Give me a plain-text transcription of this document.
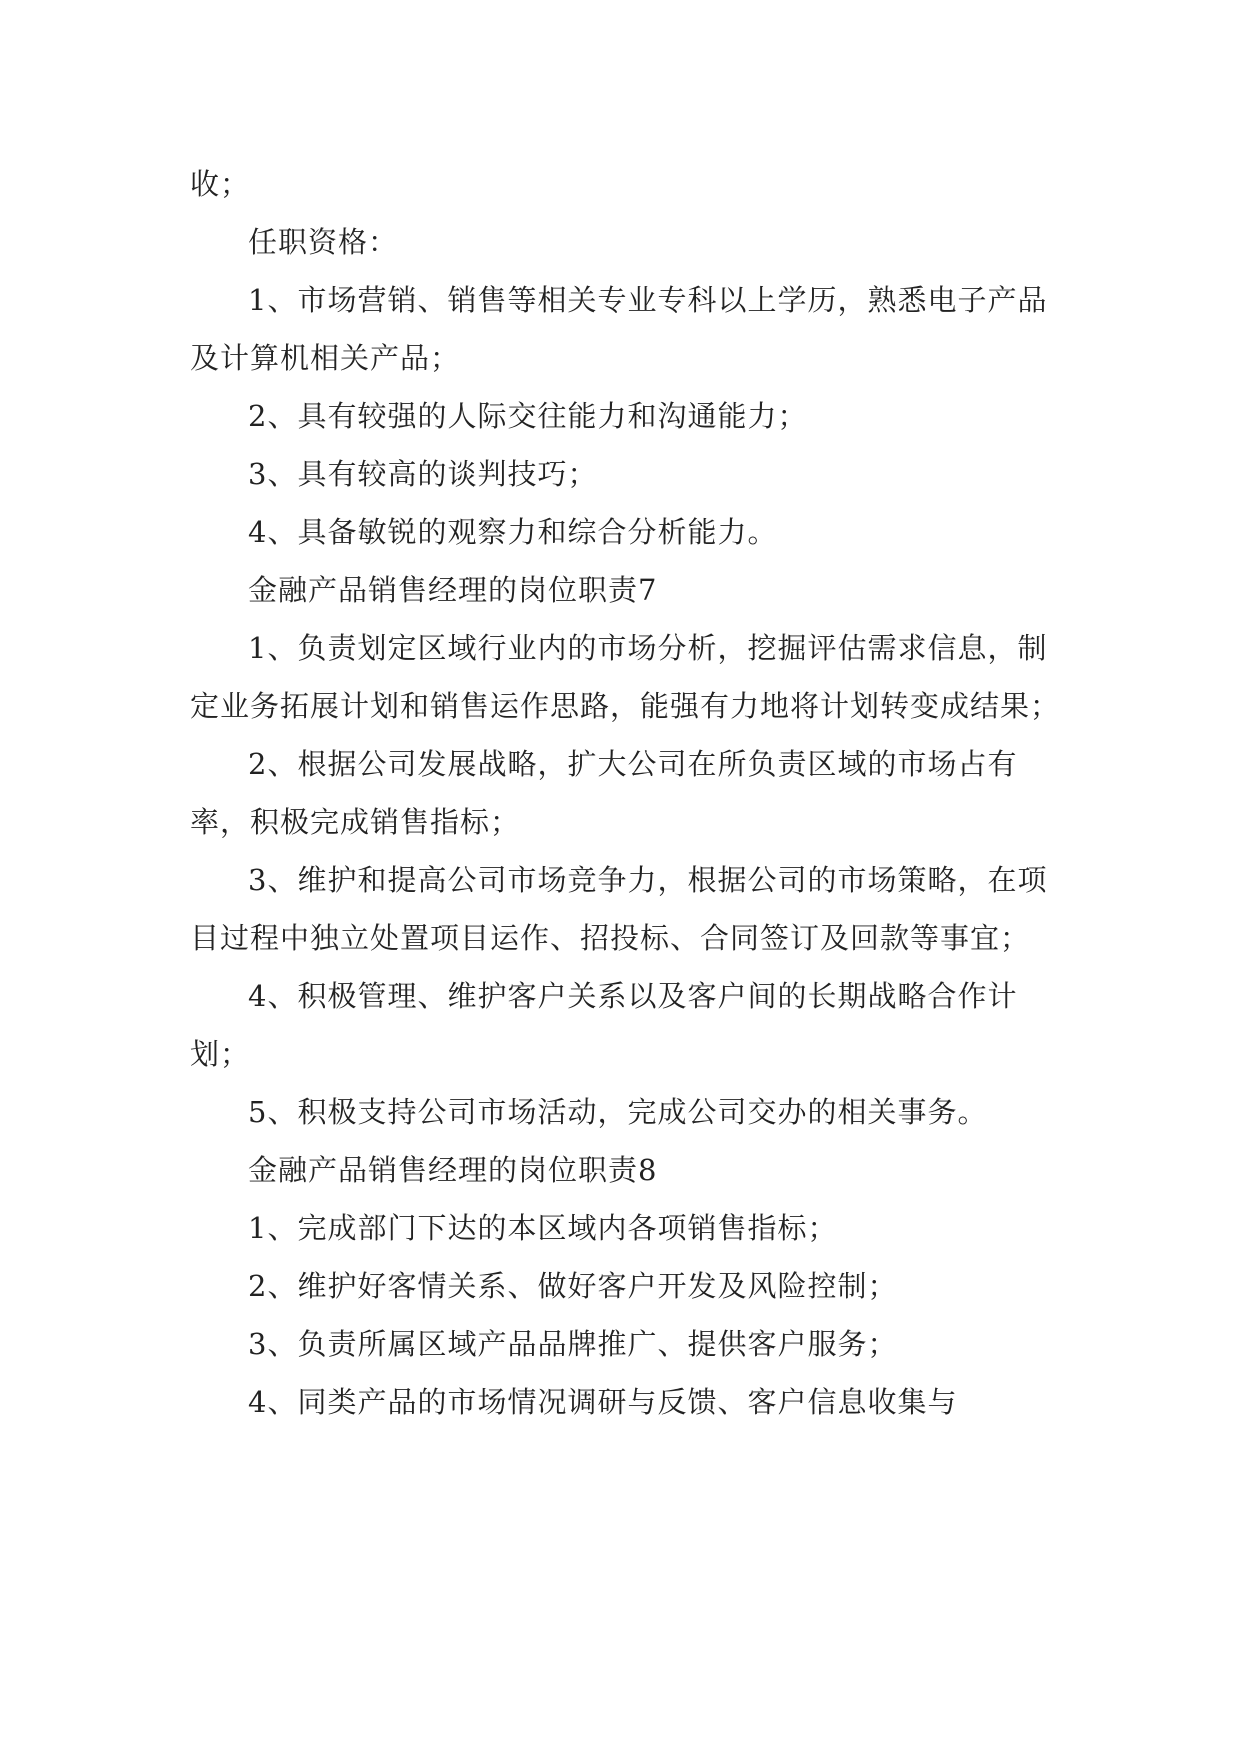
收；

任职资格：

1、市场营销、销售等相关专业专科以上学历，熟悉电子产品及计算机相关产品；

2、具有较强的人际交往能力和沟通能力；

3、具有较高的谈判技巧；

4、具备敏锐的观察力和综合分析能力。

金融产品销售经理的岗位职责7

1、负责划定区域行业内的市场分析，挖掘评估需求信息，制定业务拓展计划和销售运作思路，能强有力地将计划转变成结果；

2、根据公司发展战略，扩大公司在所负责区域的市场占有率，积极完成销售指标；

3、维护和提高公司市场竞争力，根据公司的市场策略，在项目过程中独立处置项目运作、招投标、合同签订及回款等事宜；

4、积极管理、维护客户关系以及客户间的长期战略合作计划；

5、积极支持公司市场活动，完成公司交办的相关事务。

金融产品销售经理的岗位职责8

1、完成部门下达的本区域内各项销售指标；

2、维护好客情关系、做好客户开发及风险控制；

3、负责所属区域产品品牌推广、提供客户服务；

4、同类产品的市场情况调研与反馈、客户信息收集与
